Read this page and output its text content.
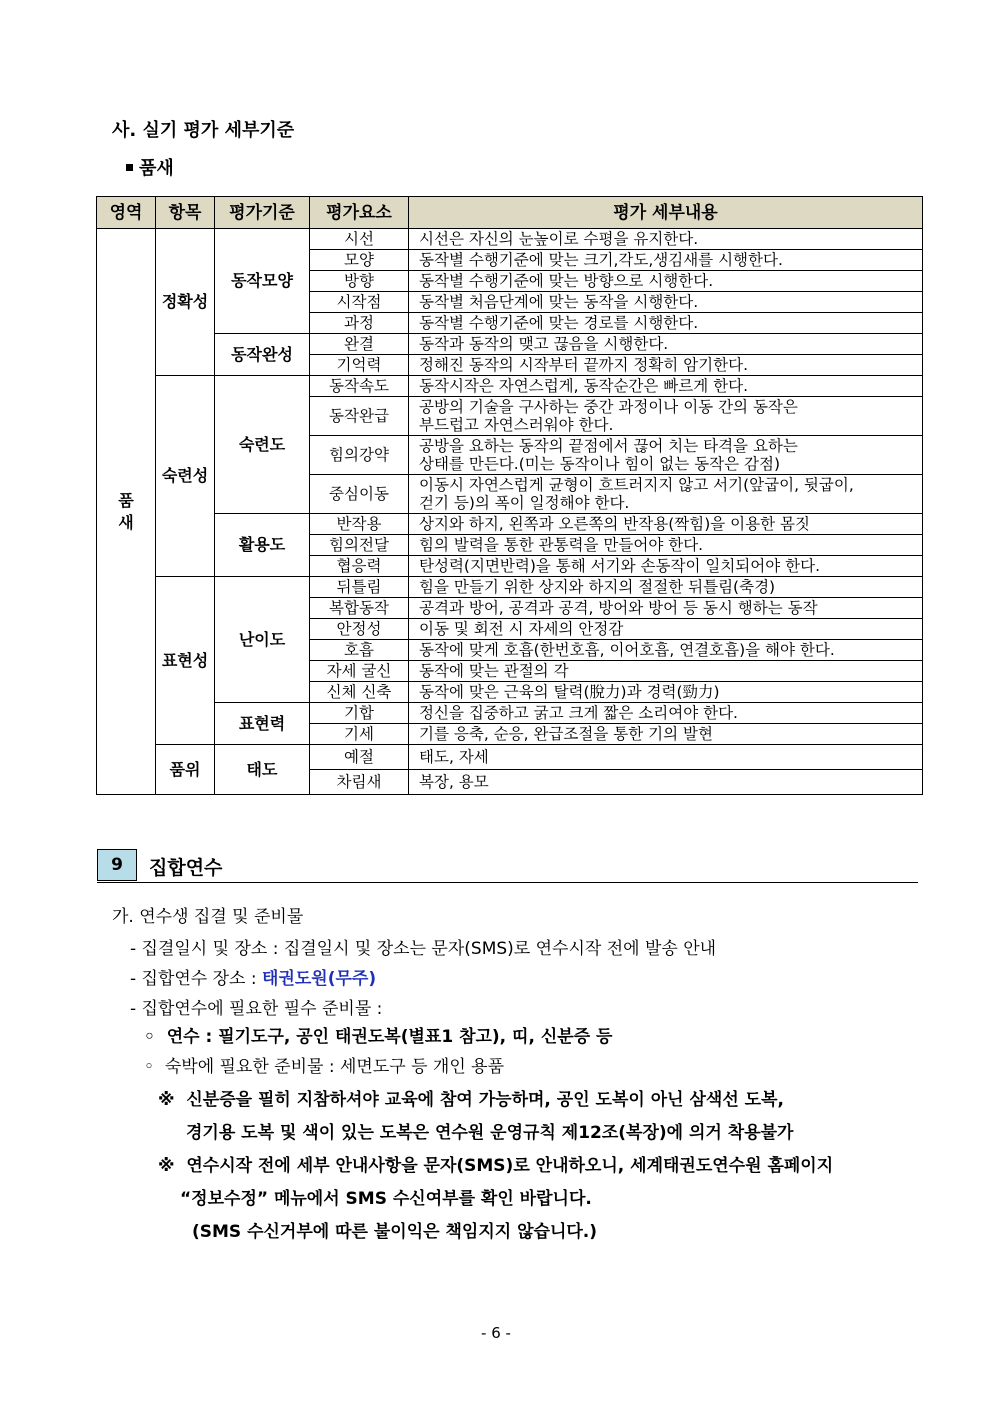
사. 실기 평가 세부기준
품새
영역	항목	평가기준	평가요소	평가 세부내용
품
새	정확성	동작모양	시선	시선은 자신의 눈높이로 수평을 유지한다.
			모양	동작별 수행기준에 맞는 크기,각도,생김새를 시행한다.
			방향	동작별 수행기준에 맞는 방향으로 시행한다.
			시작점	동작별 처음단계에 맞는 동작을 시행한다.
			과정	동작별 수행기준에 맞는 경로를 시행한다.
		동작완성	완결	동작과 동작의 맺고 끊음을 시행한다.
			기억력	정해진 동작의 시작부터 끝까지 정확히 암기한다.
	숙련성	숙련도	동작속도	동작시작은 자연스럽게, 동작순간은 빠르게 한다.
			동작완급	공방의 기술을 구사하는 중간 과정이나 이동 간의 동작은
부드럽고 자연스러워야 한다.
			힘의강약	공방을 요하는 동작의 끝점에서 끊어 치는 타격을 요하는
상태를 만든다.(미는 동작이나 힘이 없는 동작은 감점)
			중심이동	이동시 자연스럽게 균형이 흐트러지지 않고 서기(앞굽이, 뒷굽이,
걷기 등)의 폭이 일정해야 한다.
		활용도	반작용	상지와 하지, 왼쪽과 오른쪽의 반작용(짝힘)을 이용한 몸짓
			힘의전달	힘의 발력을 통한 관통력을 만들어야 한다.
			협응력	탄성력(지면반력)을 통해 서기와 손동작이 일치되어야 한다.
	표현성	난이도	뒤틀림	힘을 만들기 위한 상지와 하지의 절절한 뒤틀림(축경)
			복합동작	공격과 방어, 공격과 공격, 방어와 방어 등 동시 행하는 동작
			안정성	이동 및 회전 시 자세의 안정감
			호흡	동작에 맞게 호흡(한번호흡, 이어호흡, 연결호흡)을 해야 한다.
			자세 굴신	동작에 맞는 관절의 각
			신체 신축	동작에 맞은 근육의 탈력(脫力)과 경력(勁力)
		표현력	기합	정신을 집중하고 굵고 크게 짧은 소리여야 한다.
			기세	기를 응축, 순응, 완급조절을 통한 기의 발현
	품위	태도	예절	태도, 자세
			차림새	복장, 용모
9	집합연수
가. 연수생 집결 및 준비물
- 집결일시 및 장소 : 집결일시 및 장소는 문자(SMS)로 연수시작 전에 발송 안내
- 집합연수 장소 : 태권도원(무주)
- 집합연수에 필요한 필수 준비물 :
◦ 연수 : 필기도구, 공인 태권도복(별표1 참고), 띠, 신분증 등
◦ 숙박에 필요한 준비물 : 세면도구 등 개인 용품
※ 신분증을 필히 지참하셔야 교육에 참여 가능하며, 공인 도복이 아닌 삼색선 도복,
경기용 도복 및 색이 있는 도복은 연수원 운영규칙 제12조(복장)에 의거 착용불가
※ 연수시작 전에 세부 안내사항을 문자(SMS)로 안내하오니, 세계태권도연수원 홈페이지
“정보수정” 메뉴에서 SMS 수신여부를 확인 바랍니다.
(SMS 수신거부에 따른 불이익은 책임지지 않습니다.)
- 6 -
